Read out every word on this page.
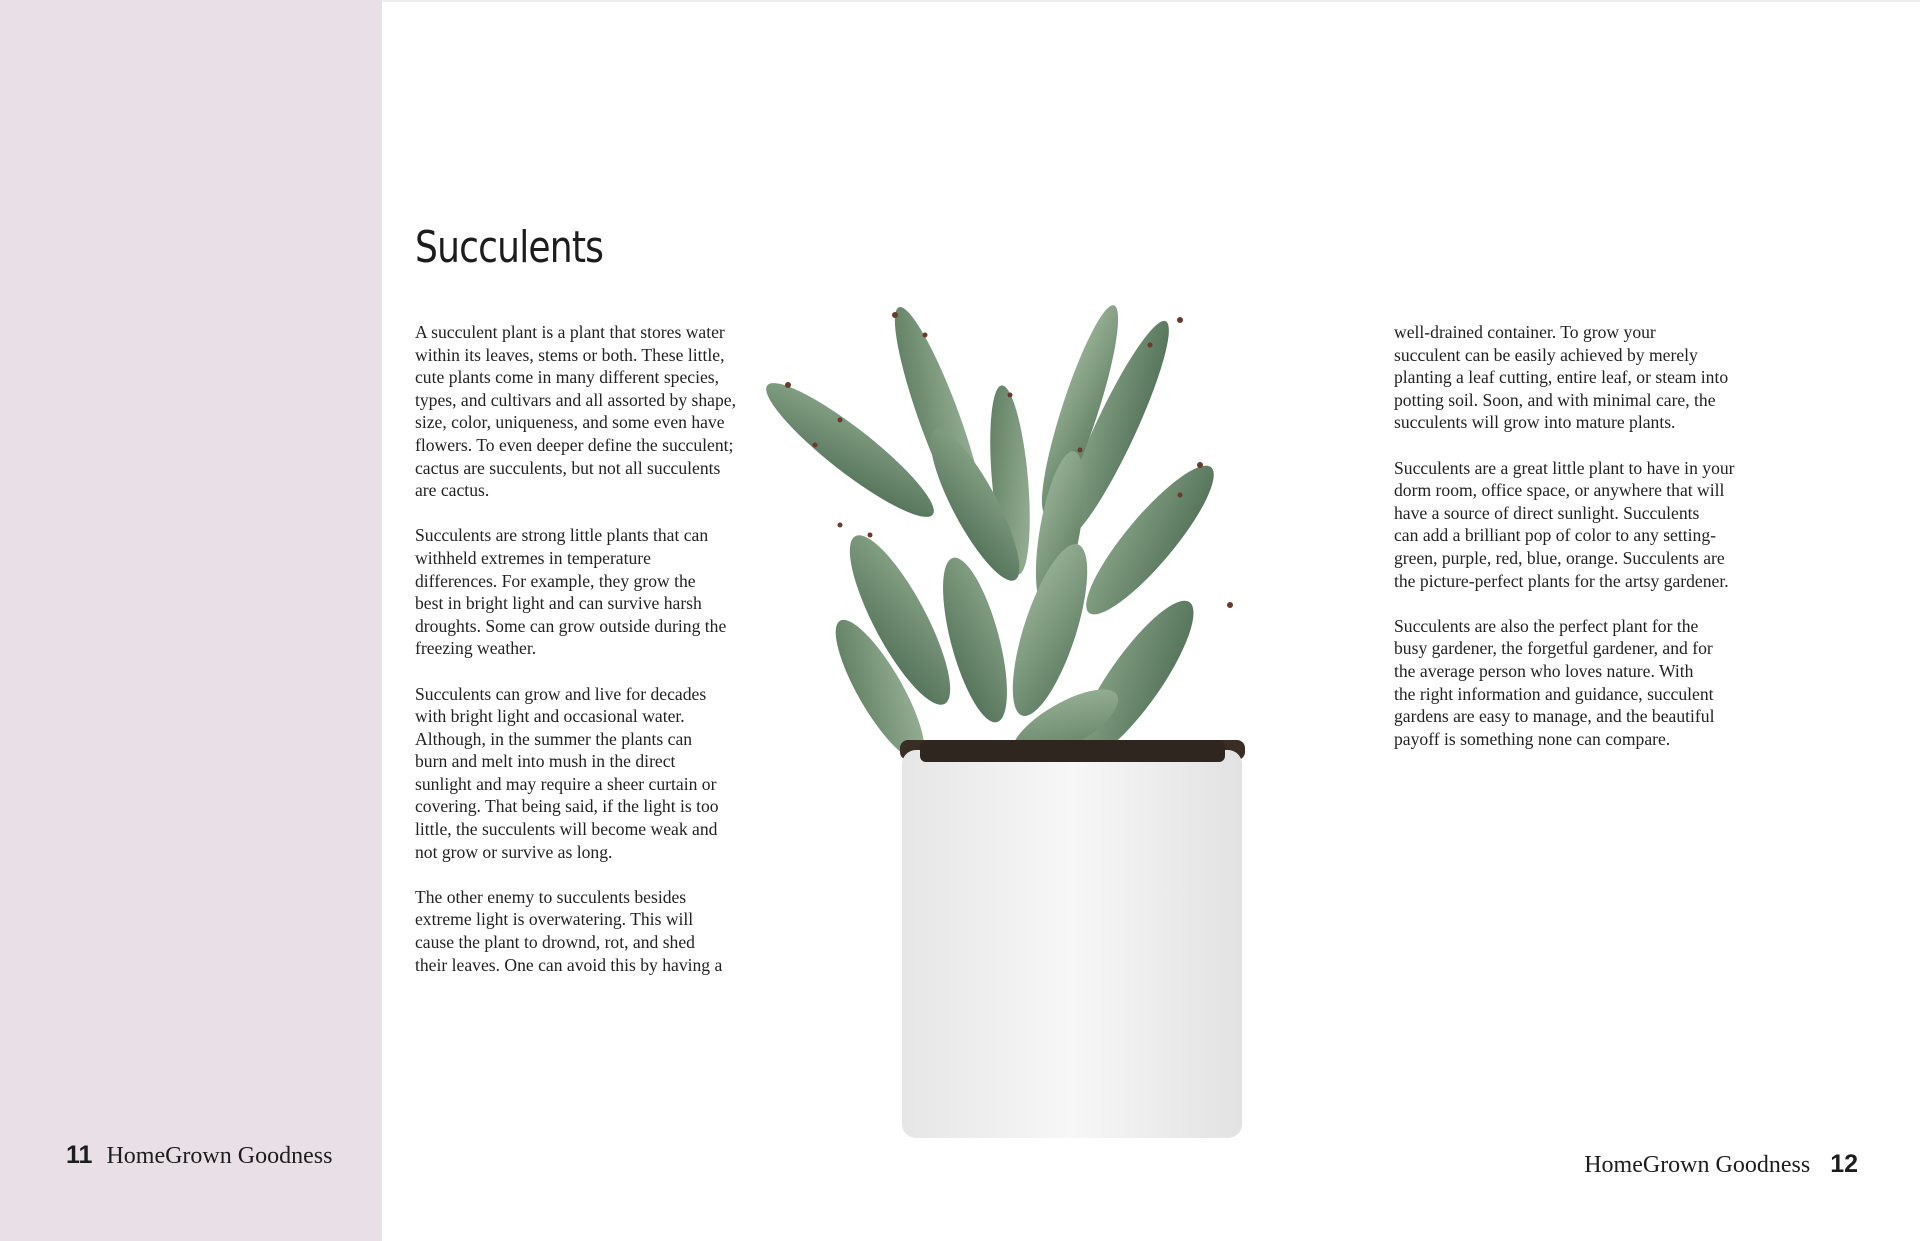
Succulents

A succulent plant is a plant that stores water
within its leaves, stems or both. These little,
cute plants come in many different species,
types, and cultivars and all assorted by shape,
size, color, uniqueness, and some even have
flowers. To even deeper define the succulent;
cactus are succulents, but not all succulents
are cactus.

Succulents are strong little plants that can
withheld extremes in temperature
differences. For example, they grow the
best in bright light and can survive harsh
droughts. Some can grow outside during the
freezing weather.

Succulents can grow and live for decades
with bright light and occasional water.
Although, in the summer the plants can
burn and melt into mush in the direct
sunlight and may require a sheer curtain or
covering. That being said, if the light is too
little, the succulents will become weak and
not grow or survive as long.

The other enemy to succulents besides
extreme light is overwatering. This will
cause the plant to drownd, rot, and shed
their leaves. One can avoid this by having a

well-drained container. To grow your
succulent can be easily achieved by merely
planting a leaf cutting, entire leaf, or steam into
potting soil. Soon, and with minimal care, the
succulents will grow into mature plants.

Succulents are a great little plant to have in your
dorm room, office space, or anywhere that will
have a source of direct sunlight. Succulents
can add a brilliant pop of color to any setting-
green, purple, red, blue, orange. Succulents are
the picture-perfect plants for the artsy gardener.

Succulents are also the perfect plant for the
busy gardener, the forgetful gardener, and for
the average person who loves nature. With
the right information and guidance, succulent
gardens are easy to manage, and the beautiful
payoff is something none can compare.

11 HomeGrown Goodness	HomeGrown Goodness 12
